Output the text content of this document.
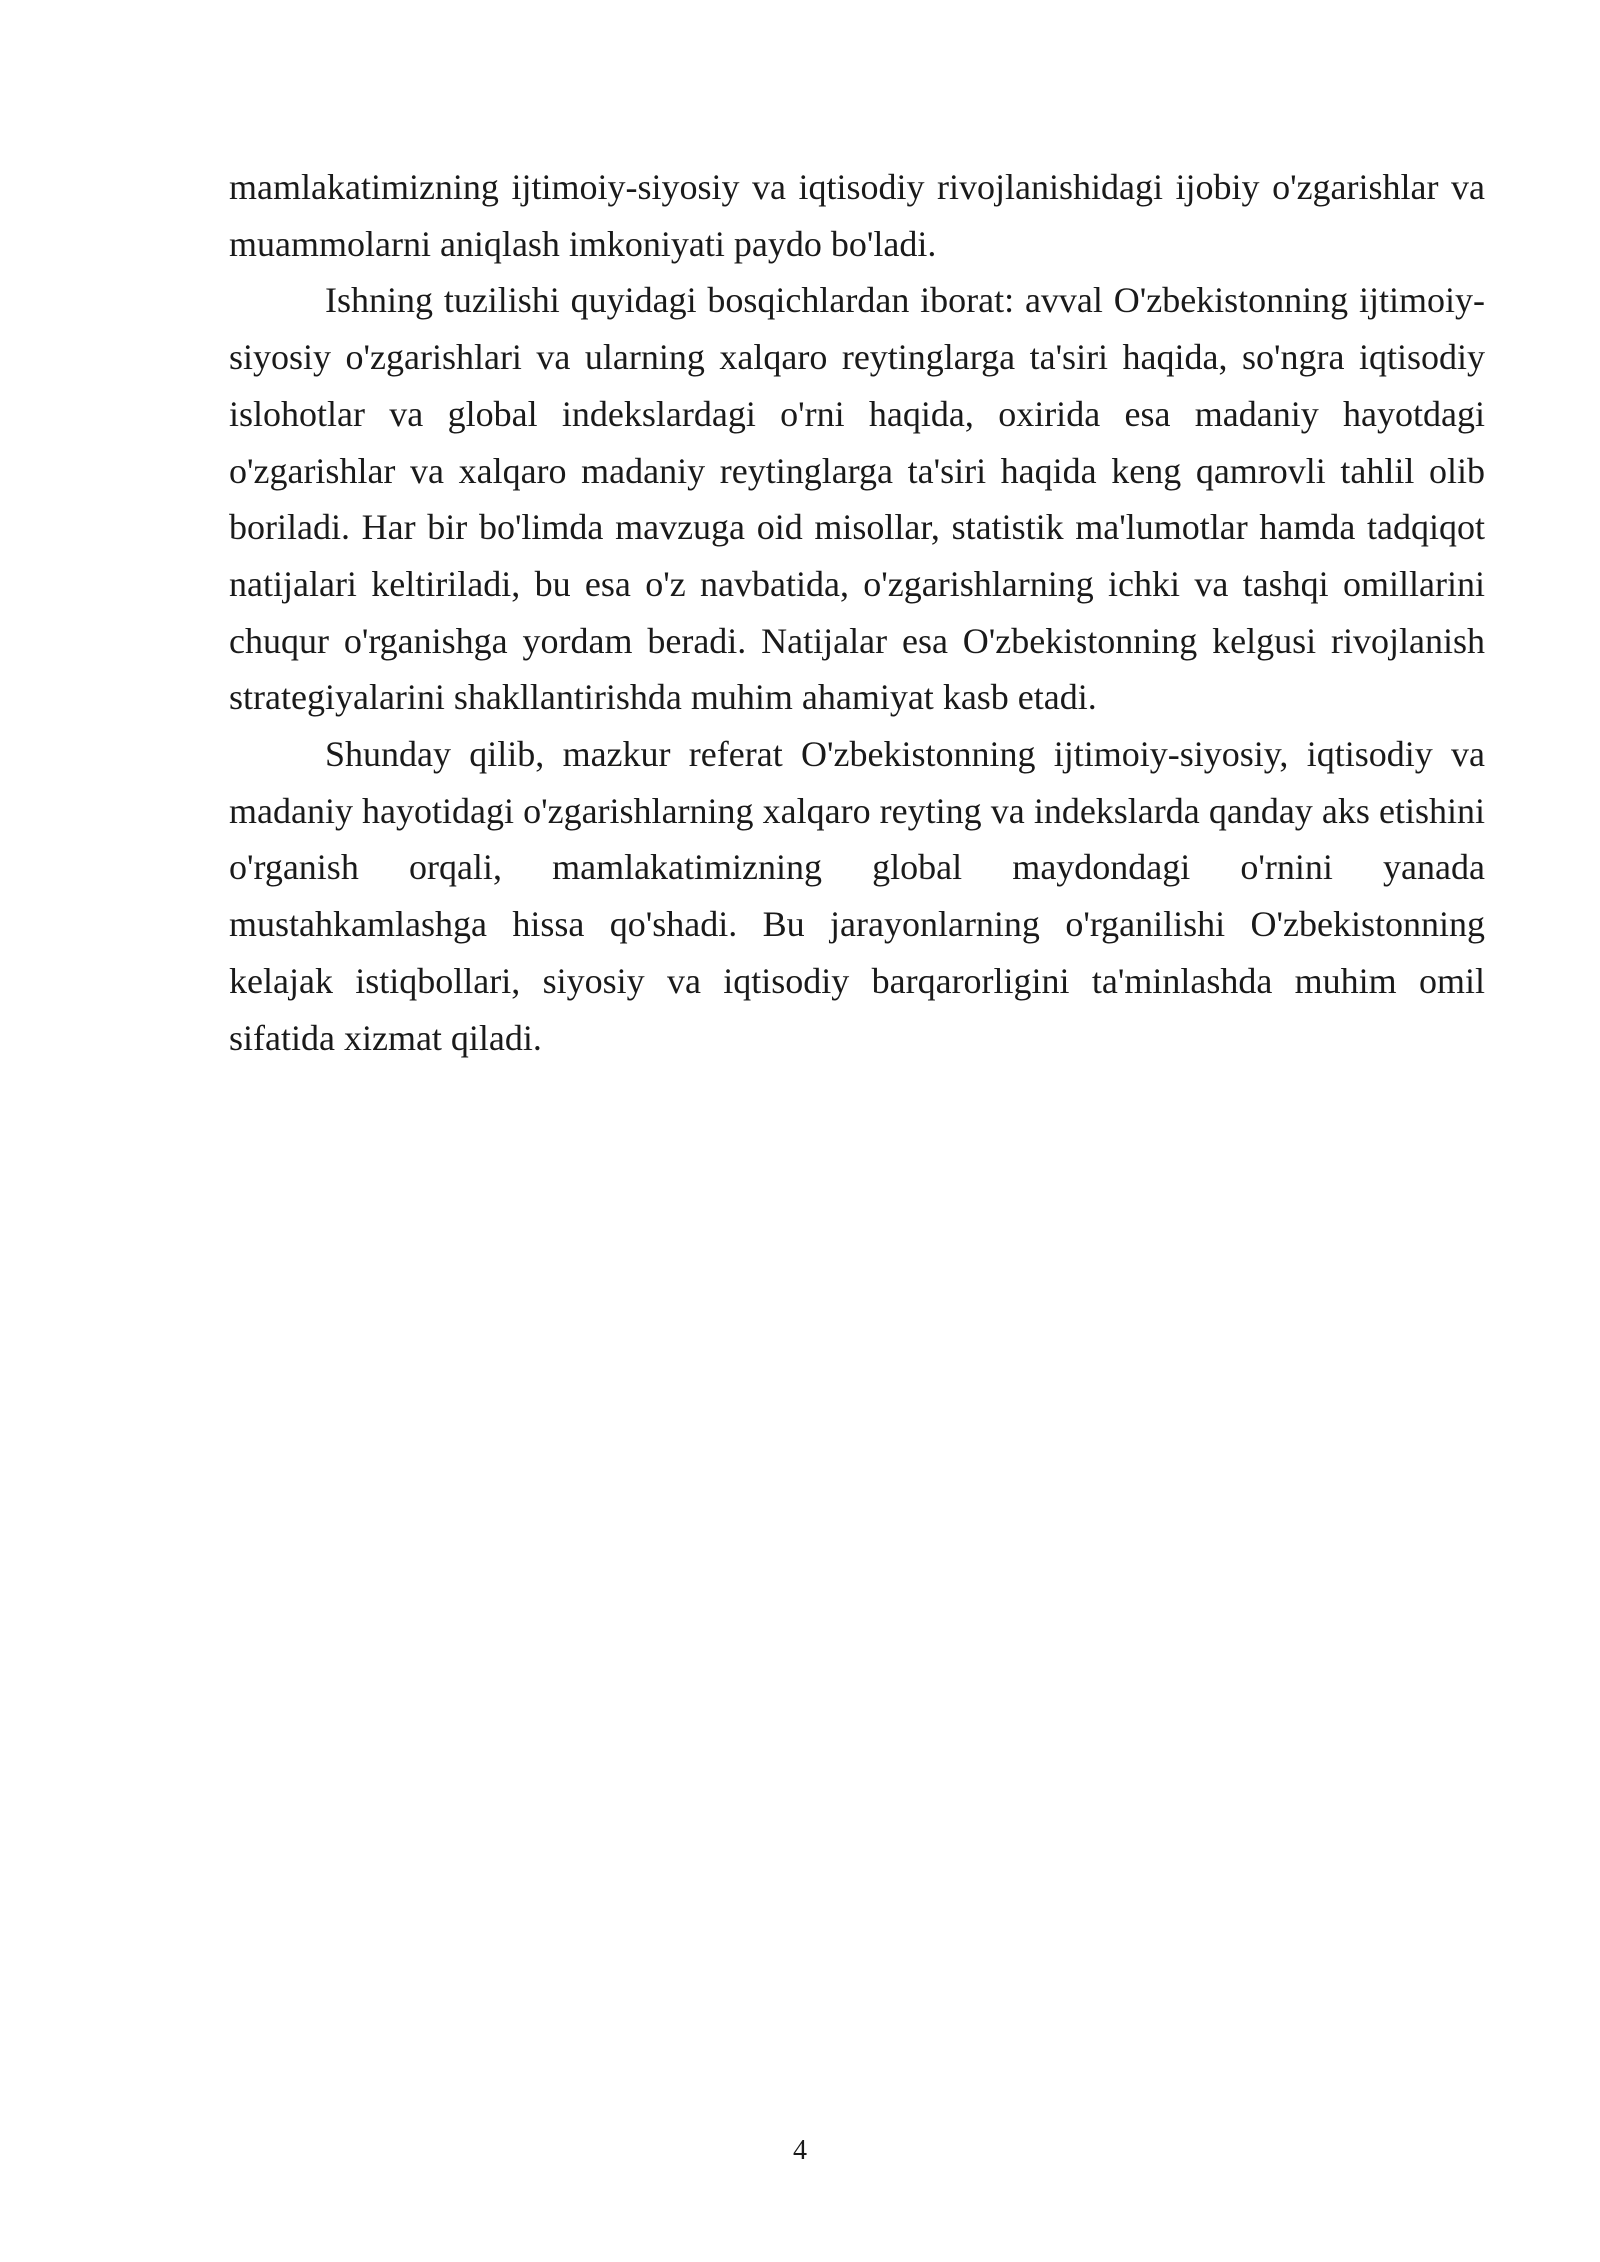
mamlakatimizning ijtimoiy-siyosiy va iqtisodiy rivojlanishidagi ijobiy o'zgarishlar va muammolarni aniqlash imkoniyati paydo bo'ladi.

Ishning tuzilishi quyidagi bosqichlardan iborat: avval O'zbekistonning ijtimoiy-siyosiy o'zgarishlari va ularning xalqaro reytinglarga ta'siri haqida, so'ngra iqtisodiy islohotlar va global indekslardagi o'rni haqida, oxirida esa madaniy hayotdagi o'zgarishlar va xalqaro madaniy reytinglarga ta'siri haqida keng qamrovli tahlil olib boriladi. Har bir bo'limda mavzuga oid misollar, statistik ma'lumotlar hamda tadqiqot natijalari keltiriladi, bu esa o'z navbatida, o'zgarishlarning ichki va tashqi omillarini chuqur o'rganishga yordam beradi. Natijalar esa O'zbekistonning kelgusi rivojlanish strategiyalarini shakllantirishda muhim ahamiyat kasb etadi.

Shunday qilib, mazkur referat O'zbekistonning ijtimoiy-siyosiy, iqtisodiy va madaniy hayotidagi o'zgarishlarning xalqaro reyting va indekslarda qanday aks etishini o'rganish orqali, mamlakatimizning global maydondagi o'rnini yanada mustahkamlashga hissa qo'shadi. Bu jarayonlarning o'rganilishi O'zbekistonning kelajak istiqbollari, siyosiy va iqtisodiy barqarorligini ta'minlashda muhim omil sifatida xizmat qiladi.

4
